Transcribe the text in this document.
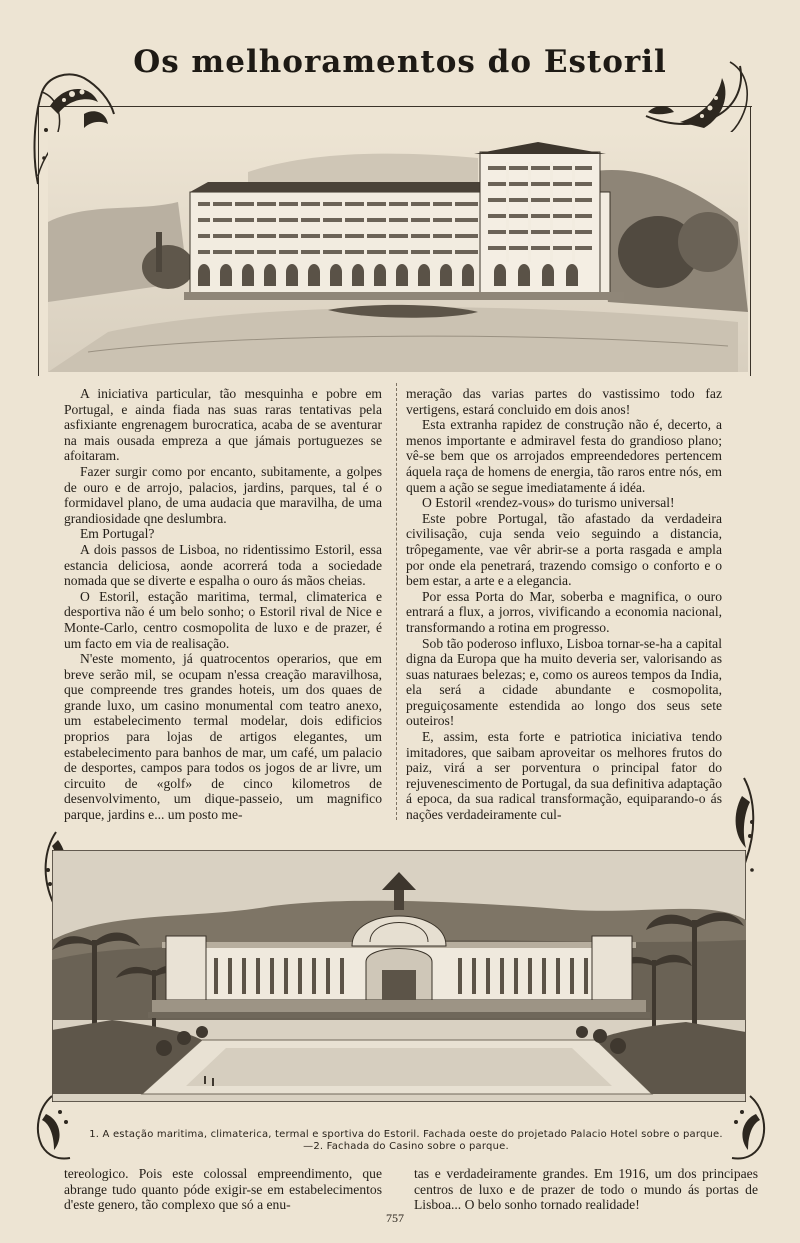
Os melhoramentos do Estoril

A iniciativa particular, tão mesquinha e pobre em Portugal, e ainda fiada nas suas raras tentativas pela asfixiante engrenagem burocratica, acaba de se aventurar na mais ousada empreza a que jámais portuguezes se afoitaram.

Fazer surgir como por encanto, subitamente, a golpes de ouro e de arrojo, palacios, jardins, parques, tal é o formidavel plano, de uma audacia que maravilha, de uma grandiosidade qne deslumbra.

Em Portugal?

A dois passos de Lisboa, no ridentissimo Estoril, essa estancia deliciosa, aonde acorrerá toda a sociedade nomada que se diverte e espalha o ouro ás mãos cheias.

O Estoril, estação maritima, termal, climaterica e desportiva não é um belo sonho; o Estoril rival de Nice e Monte-Carlo, centro cosmopolita de luxo e de prazer, é um facto em via de realisação.

N'este momento, já quatrocentos operarios, que em breve serão mil, se ocupam n'essa creação maravilhosa, que compreende tres grandes hoteis, um dos quaes de grande luxo, um casino monumental com teatro anexo, um estabelecimento termal modelar, dois edificios proprios para lojas de artigos elegantes, um estabelecimento para banhos de mar, um café, um palacio de desportes, campos para todos os jogos de ar livre, um circuito de «golf» de cinco kilometros de desenvolvimento, um dique-passeio, um magnifico parque, jardins e... um posto me-

meração das varias partes do vastissimo todo faz vertigens, estará concluido em dois anos!

Esta extranha rapidez de construção não é, decerto, a menos importante e admiravel festa do grandioso plano; vê-se bem que os arrojados empreendedores pertencem áquela raça de homens de energia, tão raros entre nós, em quem a ação se segue imediatamente á idéa.

O Estoril «rendez-vous» do turismo universal!

Este pobre Portugal, tão afastado da verdadeira civilisação, cuja senda veio seguindo a distancia, trôpegamente, vae vêr abrir-se a porta rasgada e ampla por onde ela penetrará, trazendo comsigo o conforto e o bem estar, a arte e a elegancia.

Por essa Porta do Mar, soberba e magnifica, o ouro entrará a flux, a jorros, vivificando a economia nacional, transformando a rotina em progresso.

Sob tão poderoso influxo, Lisboa tornar-se-ha a capital digna da Europa que ha muito deveria ser, valorisando as suas naturaes belezas; e, como os aureos tempos da India, ela será a cidade abundante e cosmopolita, preguiçosamente estendida ao longo dos seus sete outeiros!

E, assim, esta forte e patriotica iniciativa tendo imitadores, que saibam aproveitar os melhores frutos do paiz, virá a ser porventura o principal fator do rejuvenescimento de Portugal, da sua definitiva adaptação á epoca, da sua radical transformação, equiparando-o ás nações verdadeiramente cul-

1. A estação maritima, climaterica, termal e sportiva do Estoril. Fachada oeste do projetado Palacio Hotel sobre o parque.—2. Fachada do Casino sobre o parque.
tereologico. Pois este colossal empreendimento, que abrange tudo quanto póde exigir-se em estabelecimentos d'este genero, tão complexo que só a enu-
tas e verdadeiramente grandes. Em 1916, um dos principaes centros de luxo e de prazer de todo o mundo ás portas de Lisboa... O belo sonho tornado realidade!
757
